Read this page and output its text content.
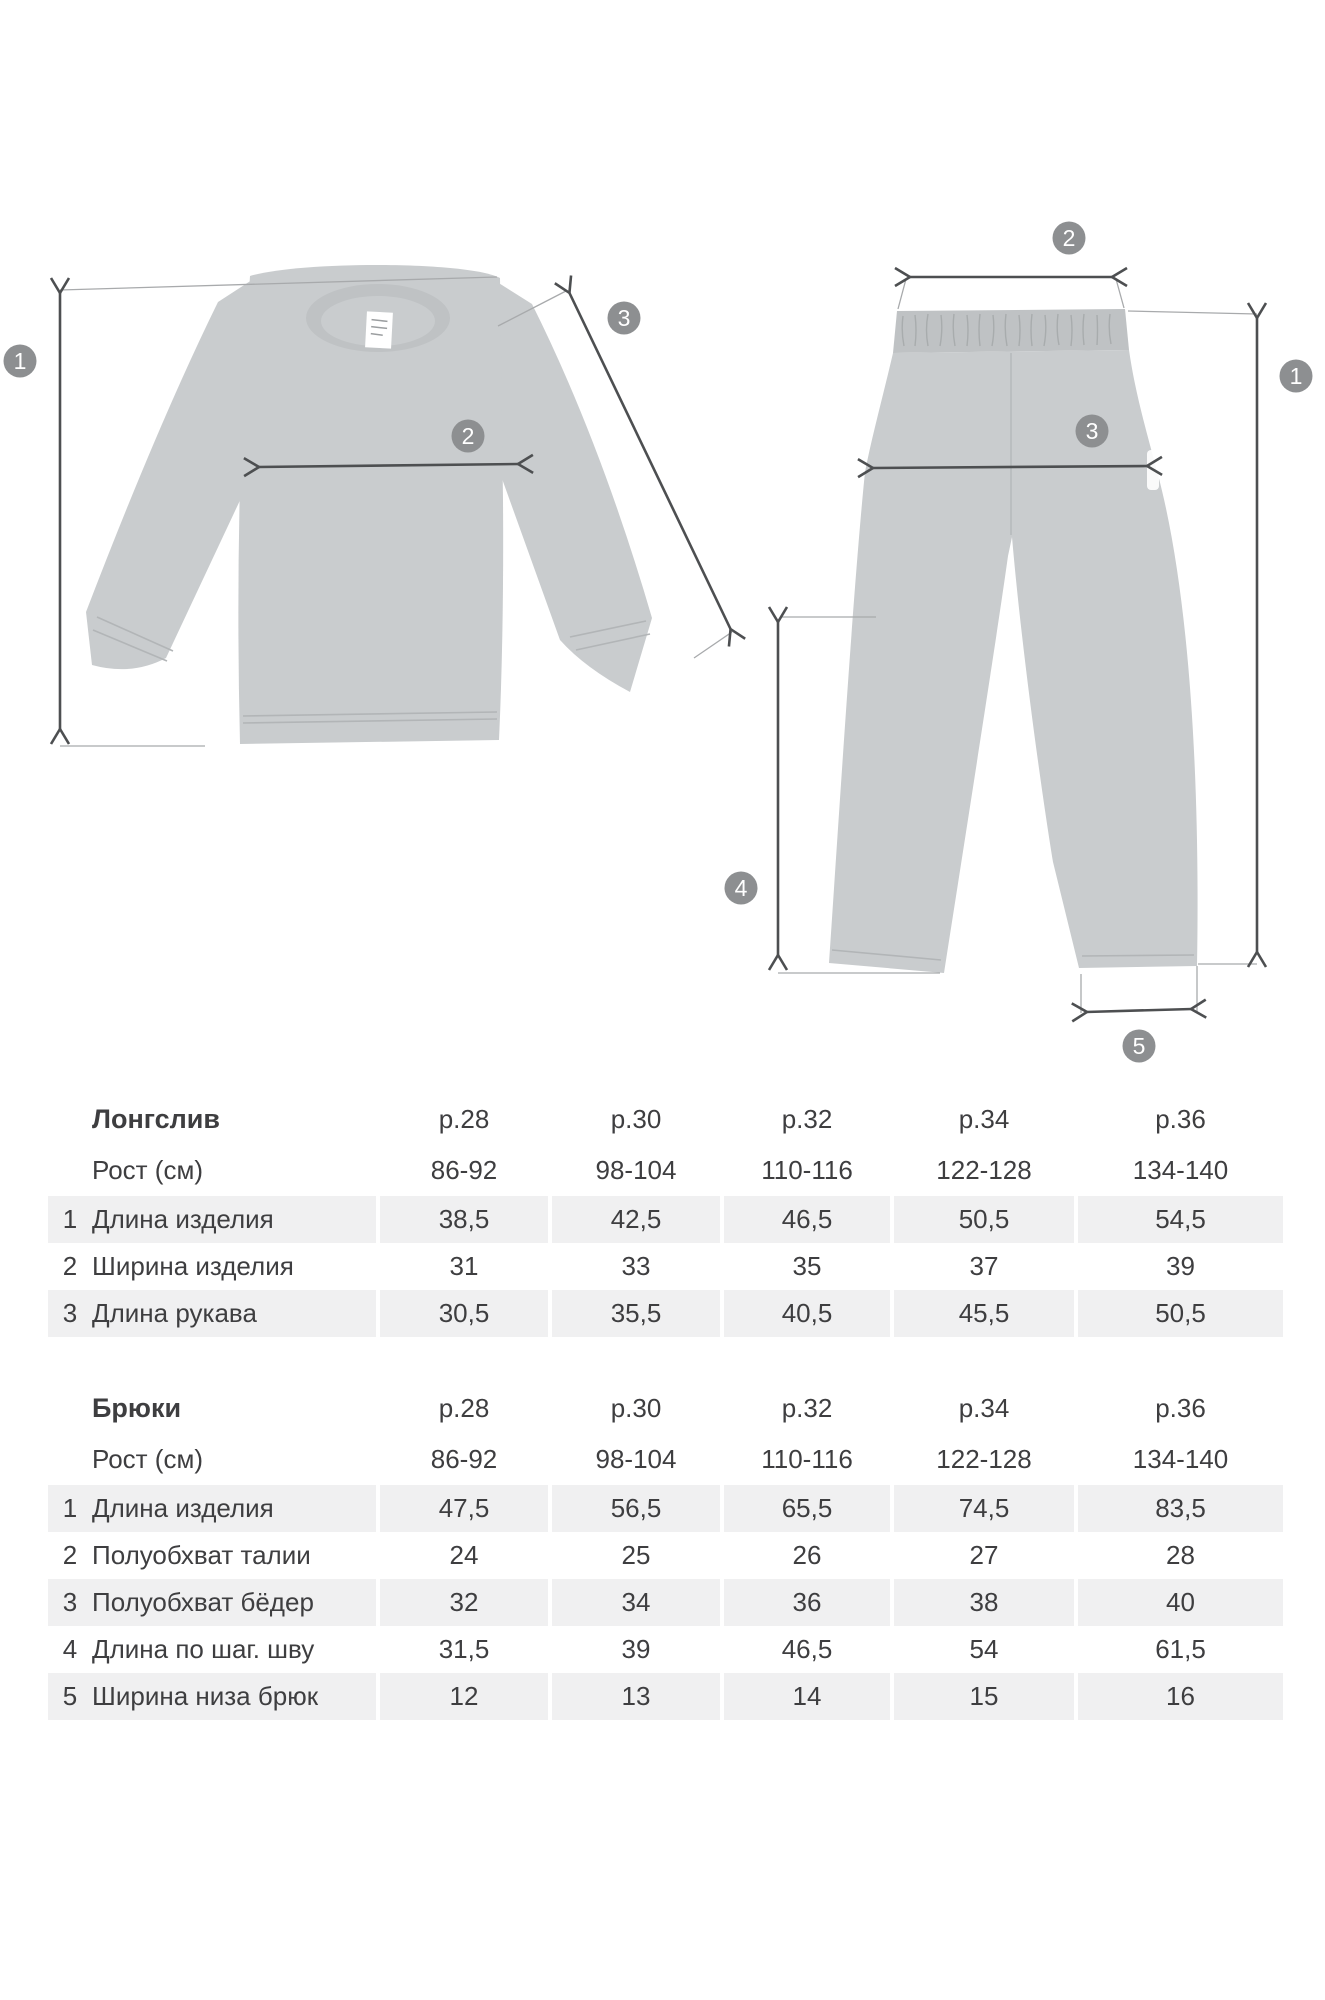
1
2
3
2
1
3
4
5
Лонгслив	р.28	р.30	р.32	р.34	р.36
Рост (см)	86-92	98-104	110-116	122-128	134-140
1 Длина изделия	38,5	42,5	46,5	50,5	54,5
2 Ширина изделия	31	33	35	37	39
3 Длина рукава	30,5	35,5	40,5	45,5	50,5
Брюки	р.28	р.30	р.32	р.34	р.36
Рост (см)	86-92	98-104	110-116	122-128	134-140
1 Длина изделия	47,5	56,5	65,5	74,5	83,5
2 Полуобхват талии	24	25	26	27	28
3 Полуобхват бёдер	32	34	36	38	40
4 Длина по шаг. шву	31,5	39	46,5	54	61,5
5 Ширина низа брюк	12	13	14	15	16
